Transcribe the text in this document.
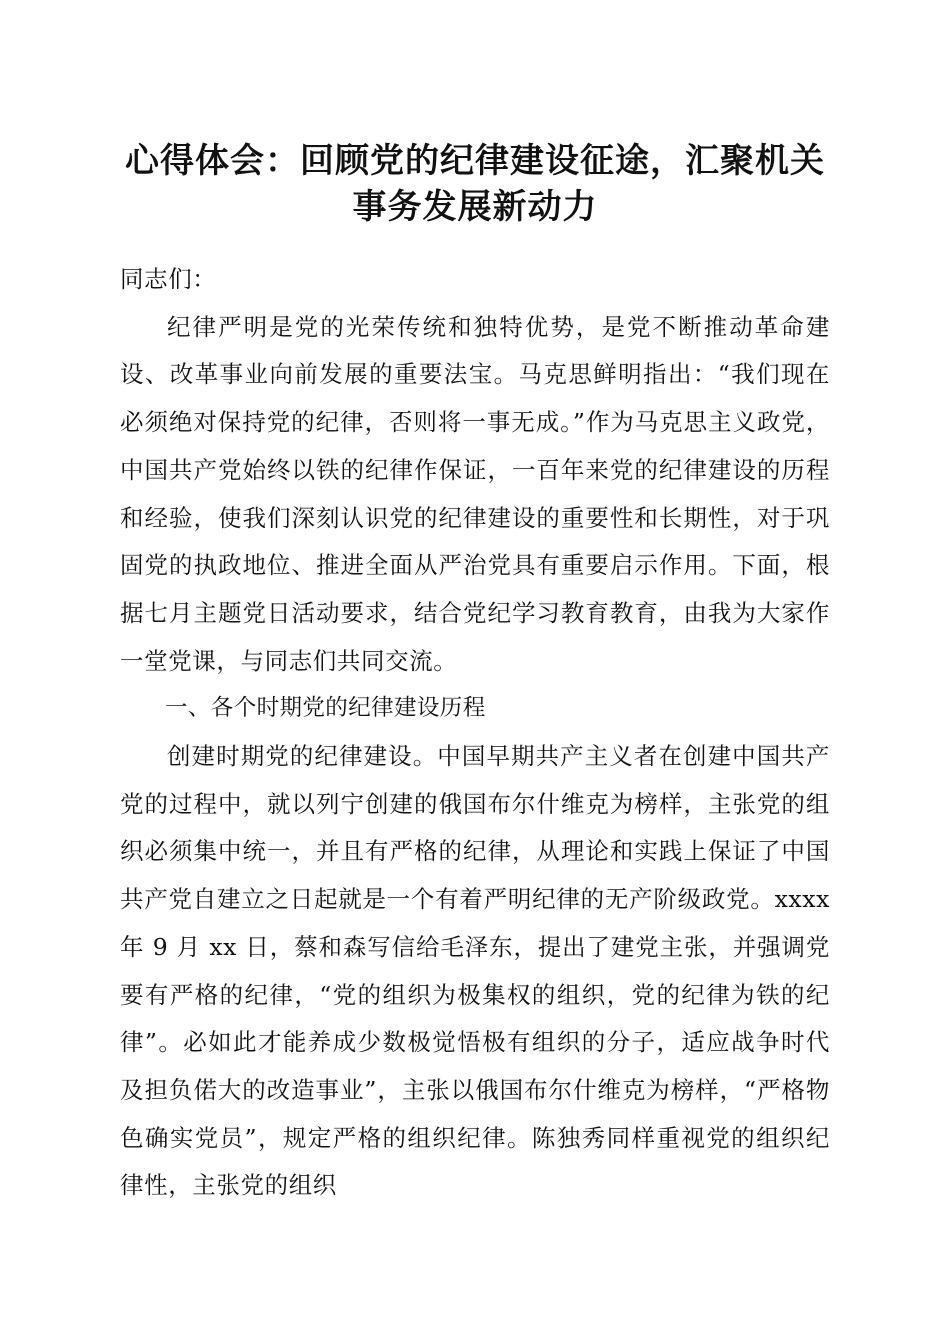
心得体会：回顾党的纪律建设征途，汇聚机关
事务发展新动力

同志们：

纪律严明是党的光荣传统和独特优势，是党不断推动革命建设、改革事业向前发展的重要法宝。马克思鲜明指出：“我们现在必须绝对保持党的纪律，否则将一事无成。”作为马克思主义政党，中国共产党始终以铁的纪律作保证，一百年来党的纪律建设的历程和经验，使我们深刻认识党的纪律建设的重要性和长期性，对于巩固党的执政地位、推进全面从严治党具有重要启示作用。下面，根据七月主题党日活动要求，结合党纪学习教育教育，由我为大家作一堂党课，与同志们共同交流。

一、各个时期党的纪律建设历程

创建时期党的纪律建设。中国早期共产主义者在创建中国共产党的过程中，就以列宁创建的俄国布尔什维克为榜样，主张党的组织必须集中统一，并且有严格的纪律，从理论和实践上保证了中国共产党自建立之日起就是一个有着严明纪律的无产阶级政党。xxxx 年 9 月 xx 日，蔡和森写信给毛泽东，提出了建党主张，并强调党要有严格的纪律，“党的组织为极集权的组织，党的纪律为铁的纪律”。必如此才能养成少数极觉悟极有组织的分子，适应战争时代及担负偌大的改造事业”，主张以俄国布尔什维克为榜样，“严格物色确实党员”，规定严格的组织纪律。陈独秀同样重视党的组织纪律性，主张党的组织
